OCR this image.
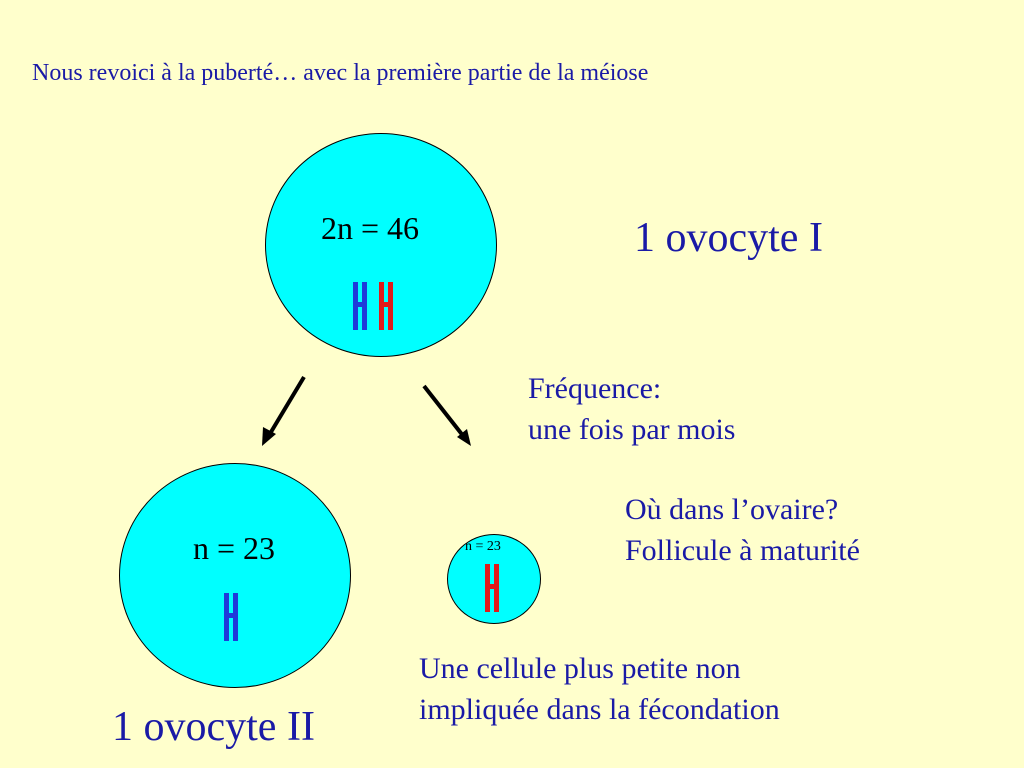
Nous revoici à la puberté… avec la première partie de la méiose

2n = 46	1 ovocyte I

Fréquence:
une fois par mois

Où dans l’ovaire?
Follicule à maturité

n = 23

1 ovocyte II

n = 23

Une cellule plus petite non
impliquée dans la fécondation
